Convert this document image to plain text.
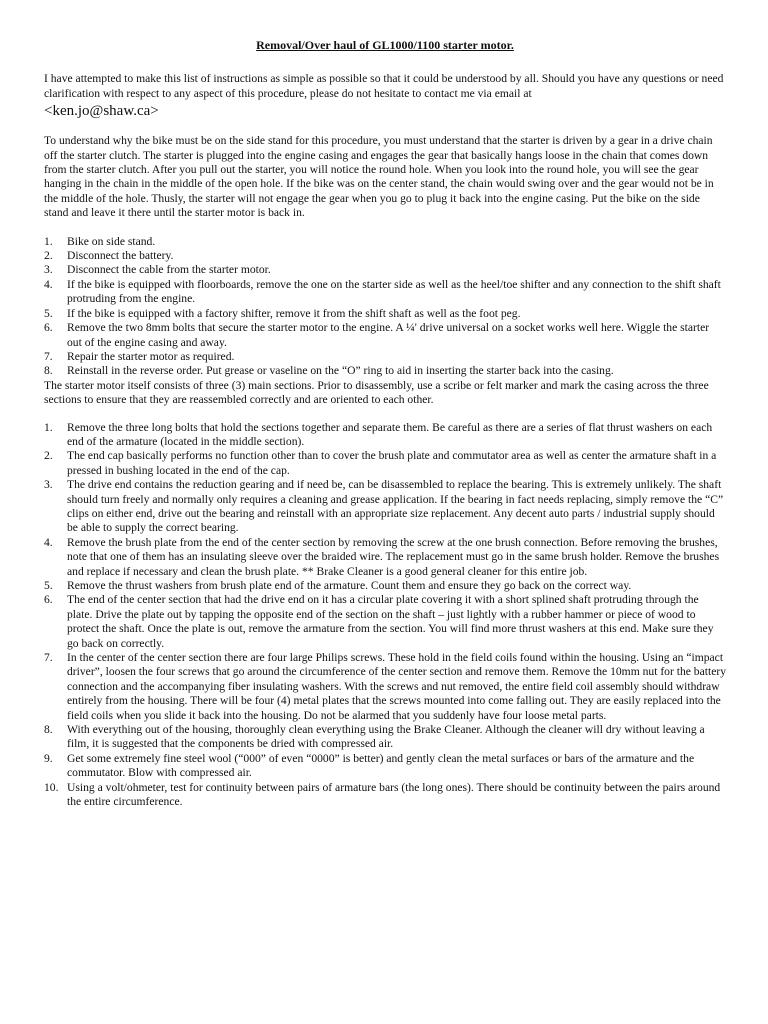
Removal/Over haul of GL1000/1100 starter motor.

I have attempted to make this list of instructions as simple as possible so that it could be understood by all. Should you have any questions or need clarification with respect to any aspect of this procedure, please do not hesitate to contact me via email at
<ken.jo@shaw.ca>

To understand why the bike must be on the side stand for this procedure, you must understand that the starter is driven by a gear in a drive chain off the starter clutch. The starter is plugged into the engine casing and engages the gear that basically hangs loose in the chain that comes down from the starter clutch. After you pull out the starter, you will notice the round hole. When you look into the round hole, you will see the gear hanging in the chain in the middle of the open hole. If the bike was on the center stand, the chain would swing over and the gear would not be in the middle of the hole. Thusly, the starter will not engage the gear when you go to plug it back into the engine casing. Put the bike on the side stand and leave it there until the starter motor is back in.

1.	Bike on side stand.
2.	Disconnect the battery.
3.	Disconnect the cable from the starter motor.
4.	If the bike is equipped with floorboards, remove the one on the starter side as well as the heel/toe shifter and any connection to the shift shaft protruding from the engine.
5.	If the bike is equipped with a factory shifter, remove it from the shift shaft as well as the foot peg.
6.	Remove the two 8mm bolts that secure the starter motor to the engine. A ¼' drive universal on a socket works well here. Wiggle the starter out of the engine casing and away.
7.	Repair the starter motor as required.
8.	Reinstall in the reverse order. Put grease or vaseline on the “O” ring to aid in inserting the starter back into the casing.

The starter motor itself consists of three (3) main sections. Prior to disassembly, use a scribe or felt marker and mark the casing across the three sections to ensure that they are reassembled correctly and are oriented to each other.

1.	Remove the three long bolts that hold the sections together and separate them. Be careful as there are a series of flat thrust washers on each end of the armature (located in the middle section).
2.	The end cap basically performs no function other than to cover the brush plate and commutator area as well as center the armature shaft in a pressed in bushing located in the end of the cap.
3.	The drive end contains the reduction gearing and if need be, can be disassembled to replace the bearing. This is extremely unlikely. The shaft should turn freely and normally only requires a cleaning and grease application. If the bearing in fact needs replacing, simply remove the “C” clips on either end, drive out the bearing and reinstall with an appropriate size replacement. Any decent auto parts / industrial supply should be able to supply the correct bearing.
4.	Remove the brush plate from the end of the center section by removing the screw at the one brush connection. Before removing the brushes, note that one of them has an insulating sleeve over the braided wire. The replacement must go in the same brush holder. Remove the brushes and replace if necessary and clean the brush plate. ** Brake Cleaner is a good general cleaner for this entire job.
5.	Remove the thrust washers from brush plate end of the armature. Count them and ensure they go back on the correct way.
6.	The end of the center section that had the drive end on it has a circular plate covering it with a short splined shaft protruding through the plate. Drive the plate out by tapping the opposite end of the section on the shaft – just lightly with a rubber hammer or piece of wood to protect the shaft. Once the plate is out, remove the armature from the section. You will find more thrust washers at this end. Make sure they go back on correctly.
7.	In the center of the center section there are four large Philips screws. These hold in the field coils found within the housing. Using an “impact driver”, loosen the four screws that go around the circumference of the center section and remove them. Remove the 10mm nut for the battery connection and the accompanying fiber insulating washers. With the screws and nut removed, the entire field coil assembly should withdraw entirely from the housing. There will be four (4) metal plates that the screws mounted into come falling out. They are easily replaced into the field coils when you slide it back into the housing. Do not be alarmed that you suddenly have four loose metal parts.
8.	With everything out of the housing, thoroughly clean everything using the Brake Cleaner. Although the cleaner will dry without leaving a film, it is suggested that the components be dried with compressed air.
9.	Get some extremely fine steel wool (“000” of even “0000” is better) and gently clean the metal surfaces or bars of the armature and the commutator. Blow with compressed air.
10. Using a volt/ohmeter, test for continuity between pairs of armature bars (the long ones). There should be continuity between the pairs around the entire circumference.
